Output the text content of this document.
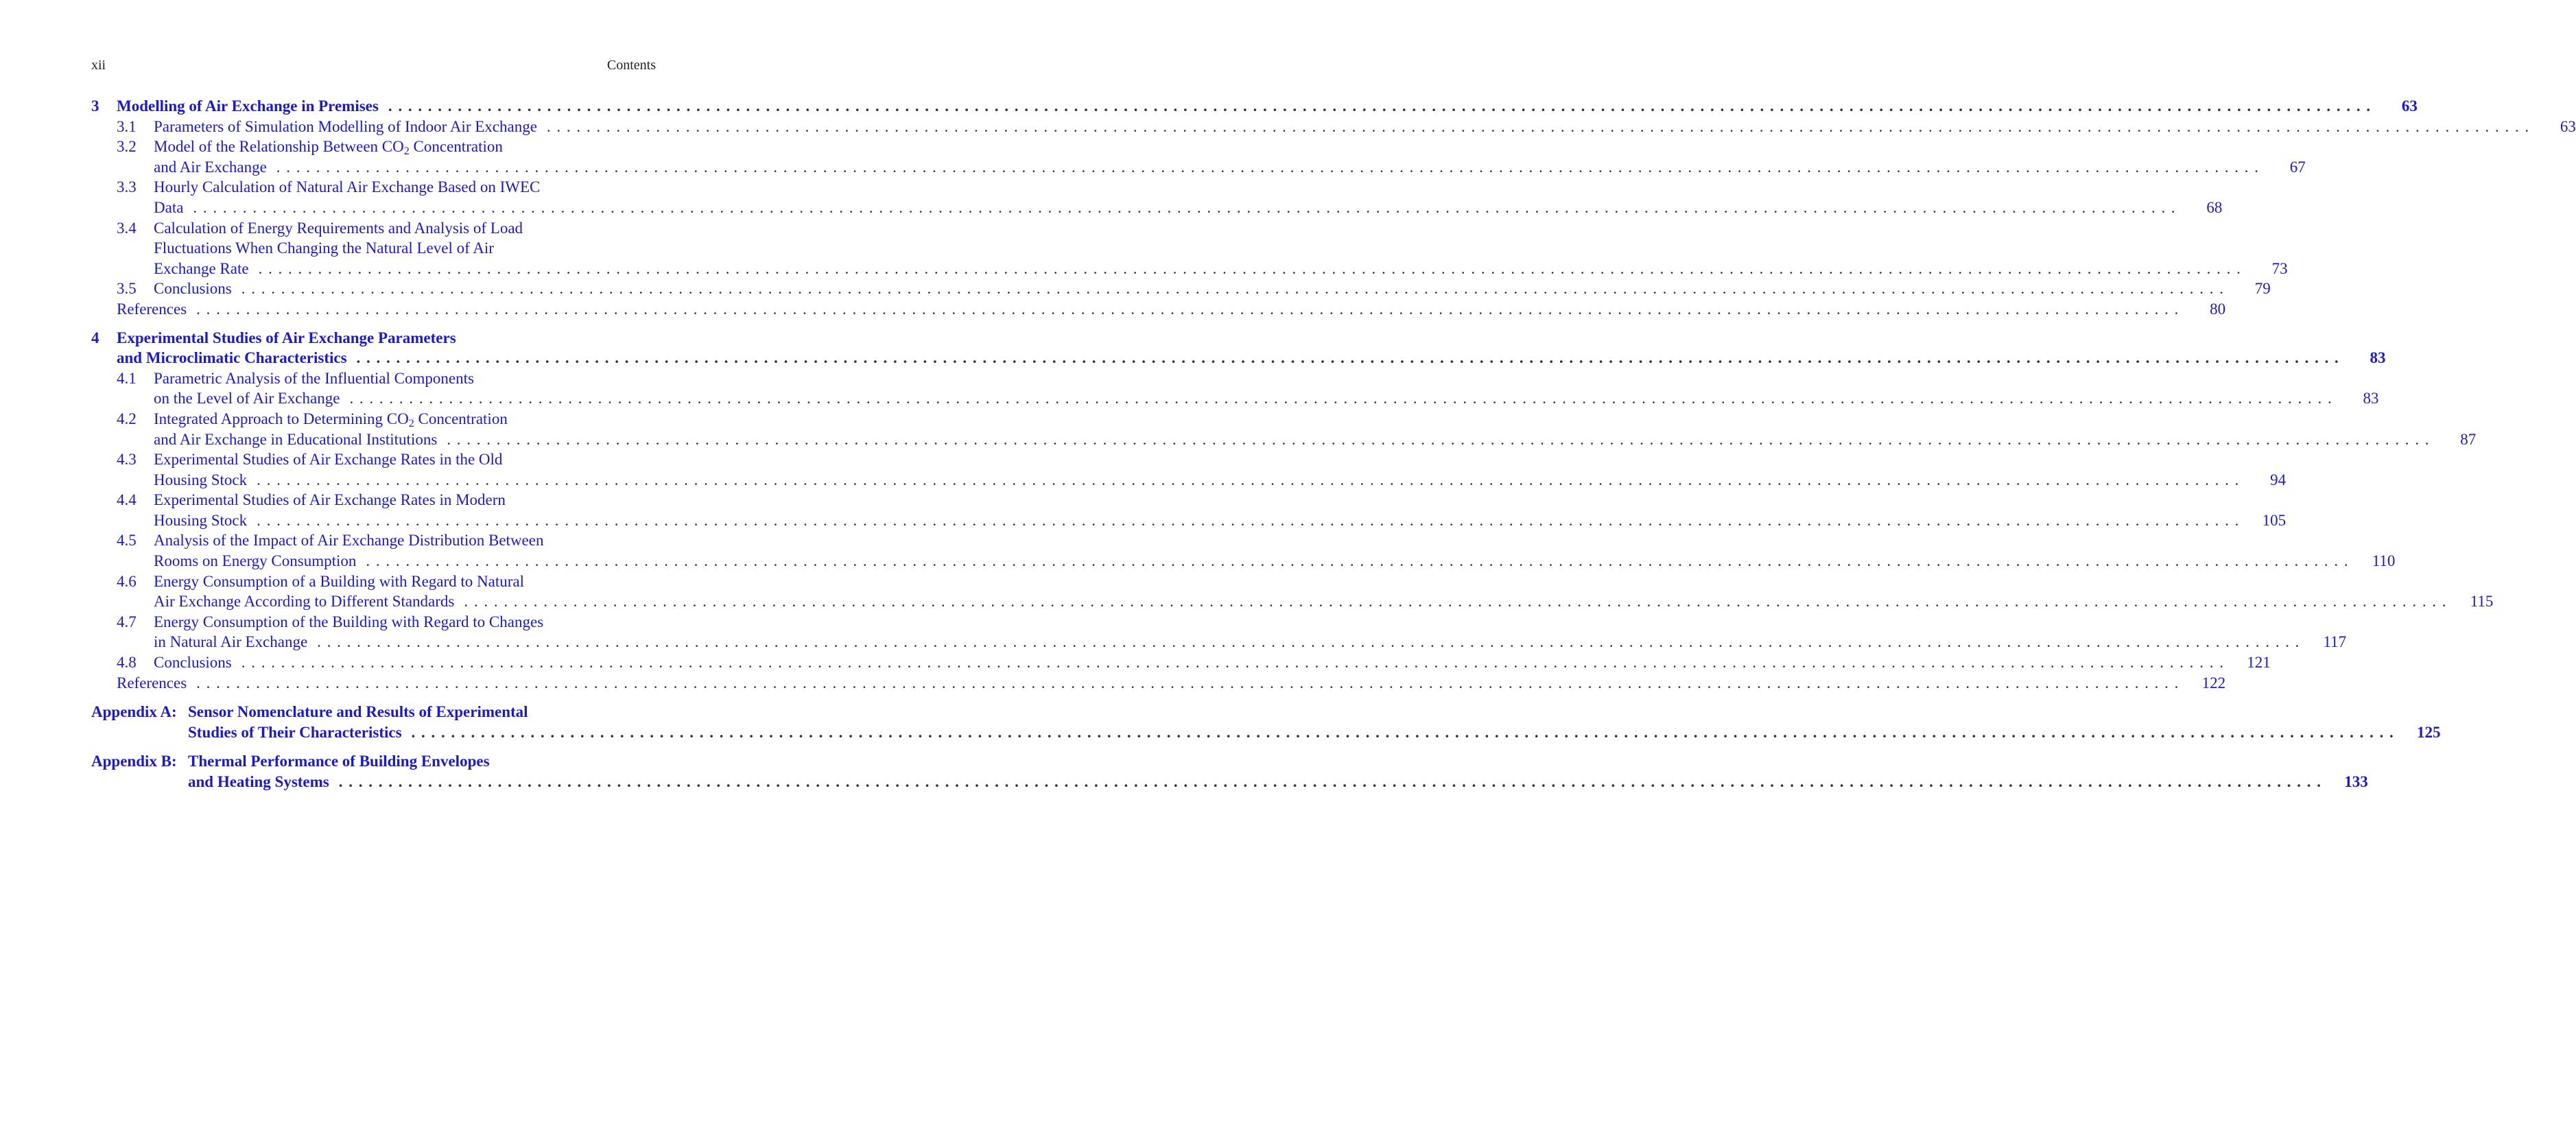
xii	Contents
3 Modelling of Air Exchange in Premises ........................................................................................................................................................................................................	63
3.1 Parameters of Simulation Modelling of Indoor Air Exchange ........................................................................................................................................................................................................	63
3.2 Model of the Relationship Between $CO_2$ Concentration
and Air Exchange ........................................................................................................................................................................................................	67
3.3 Hourly Calculation of Natural Air Exchange Based on IWEC
Data ........................................................................................................................................................................................................	68
3.4 Calculation of Energy Requirements and Analysis of Load
Fluctuations When Changing the Natural Level of Air
Exchange Rate ........................................................................................................................................................................................................	73
3.5 Conclusions ........................................................................................................................................................................................................	79
References ........................................................................................................................................................................................................	80
4 Experimental Studies of Air Exchange Parameters
and Microclimatic Characteristics ........................................................................................................................................................................................................	83
4.1 Parametric Analysis of the Influential Components
on the Level of Air Exchange ........................................................................................................................................................................................................	83
4.2 Integrated Approach to Determining $CO_2$ Concentration
and Air Exchange in Educational Institutions ........................................................................................................................................................................................................	87
4.3 Experimental Studies of Air Exchange Rates in the Old
Housing Stock ........................................................................................................................................................................................................	94
4.4 Experimental Studies of Air Exchange Rates in Modern
Housing Stock ........................................................................................................................................................................................................	105
4.5 Analysis of the Impact of Air Exchange Distribution Between
Rooms on Energy Consumption ........................................................................................................................................................................................................	110
4.6 Energy Consumption of a Building with Regard to Natural
Air Exchange According to Different Standards ........................................................................................................................................................................................................	115
4.7 Energy Consumption of the Building with Regard to Changes
in Natural Air Exchange ........................................................................................................................................................................................................	117
4.8 Conclusions ........................................................................................................................................................................................................	121
References ........................................................................................................................................................................................................	122
Appendix A: Sensor Nomenclature and Results of Experimental
Studies of Their Characteristics ........................................................................................................................................................................................................	125
Appendix B: Thermal Performance of Building Envelopes
and Heating Systems ........................................................................................................................................................................................................	133
